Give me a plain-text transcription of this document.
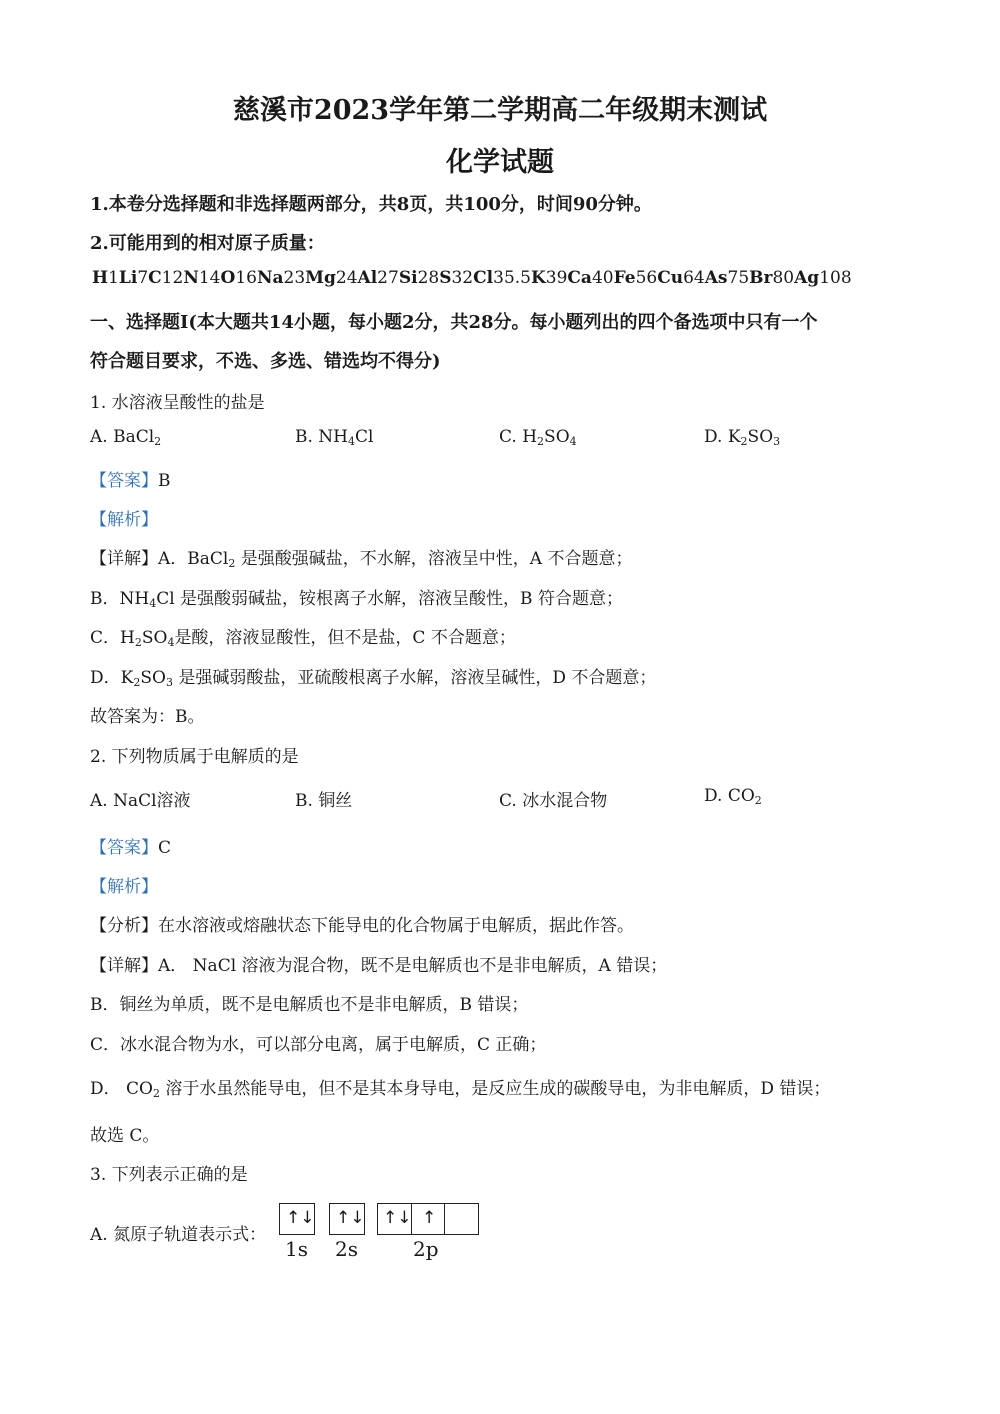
慈溪市2023学年第二学期高二年级期末测试
化学试题
1.本卷分选择题和非选择题两部分，共8页，共100分，时间90分钟。
2.可能用到的相对原子质量：
H1Li7C12N14O16Na23Mg24Al27Si28S32Cl35.5K39Ca40Fe56Cu64As75Br80Ag108
一、选择题Ⅰ(本大题共14小题，每小题2分，共28分。每小题列出的四个备选项中只有一个
符合题目要求，不选、多选、错选均不得分)
1. 水溶液呈酸性的盐是
A. BaCl$_2$	B. $NH_4Cl$	C. $H_2SO_4$	D. $K_2SO_3$
【答案】B
【解析】
【详解】A．BaCl$_2$ 是强酸强碱盐，不水解，溶液呈中性，A 不合题意；
B．$NH_4Cl$ 是强酸弱碱盐，铵根离子水解，溶液呈酸性，B 符合题意；
C．$H_2SO_4$是酸，溶液显酸性，但不是盐，C 不合题意；
D．$K_2SO_3$ 是强碱弱酸盐，亚硫酸根离子水解，溶液呈碱性，D 不合题意；
故答案为：B。
2. 下列物质属于电解质的是
A. NaCl溶液	B. 铜丝	C. 冰水混合物	D. $CO_2$
【答案】C
【解析】
【分析】在水溶液或熔融状态下能导电的化合物属于电解质，据此作答。
【详解】A． NaCl 溶液为混合物，既不是电解质也不是非电解质，A 错误；
B．铜丝为单质，既不是电解质也不是非电解质，B 错误；
C．冰水混合物为水，可以部分电离，属于电解质，C 正确；
D． $CO_2$ 溶于水虽然能导电，但不是其本身导电，是反应生成的碳酸导电，为非电解质，D 错误；
故选 C。
3. 下列表示正确的是
A. 氮原子轨道表示式：
↑↓ ↑↓ ↑↓ ↑
1s 2s	2p
